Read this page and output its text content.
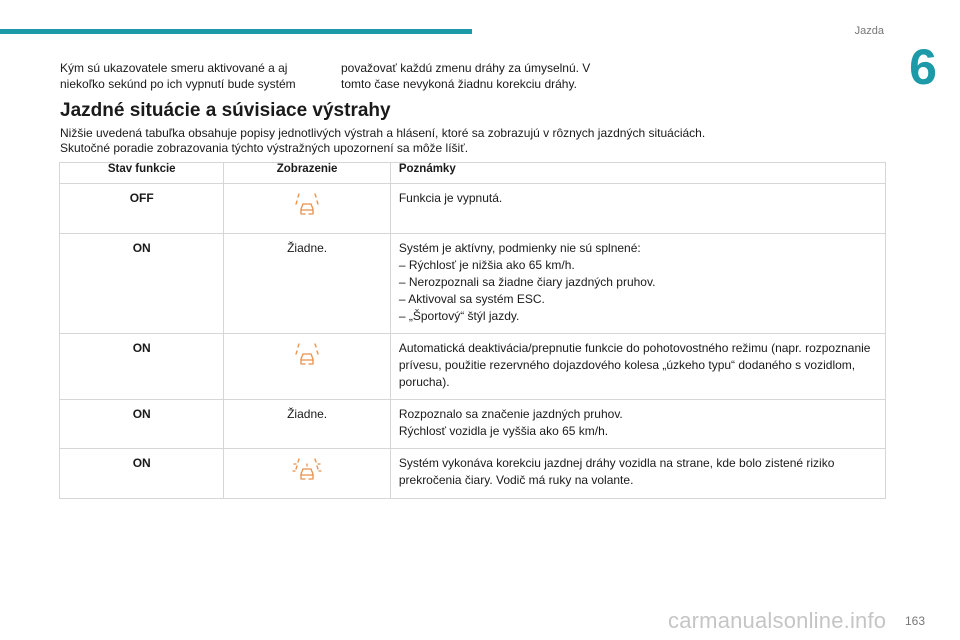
Jazda
6
Kým sú ukazovatele smeru aktivované a aj niekoľko sekúnd po ich vypnutí bude systém
považovať každú zmenu dráhy za úmyselnú. V tomto čase nevykoná žiadnu korekciu dráhy.
Jazdné situácie a súvisiace výstrahy
Nižšie uvedená tabuľka obsahuje popisy jednotlivých výstrah a hlásení, ktoré sa zobrazujú v rôznych jazdných situáciách.
Skutočné poradie zobrazovania týchto výstražných upozornení sa môže líšiť.
Stav funkcie	Zobrazenie	Poznámky
OFF		Funkcia je vypnutá.

ON	Žiadne.	Systém je aktívny, podmienky nie sú splnené:
– Rýchlosť je nižšia ako 65 km/h.
– Nerozpoznali sa žiadne čiary jazdných pruhov.
– Aktivoval sa systém ESC.
– „Športový“ štýl jazdy.

ON		Automatická deaktivácia/prepnutie funkcie do pohotovostného režimu (napr. rozpoznanie prívesu, použitie rezervného dojazdového kolesa „úzkeho typu“ dodaného s vozidlom, porucha).

ON	Žiadne.	Rozpoznalo sa značenie jazdných pruhov.
Rýchlosť vozidla je vyššia ako 65 km/h.

ON		Systém vykonáva korekciu jazdnej dráhy vozidla na strane, kde bolo zistené riziko prekročenia čiary. Vodič má ruky na volante.
carmanualsonline.info 163
